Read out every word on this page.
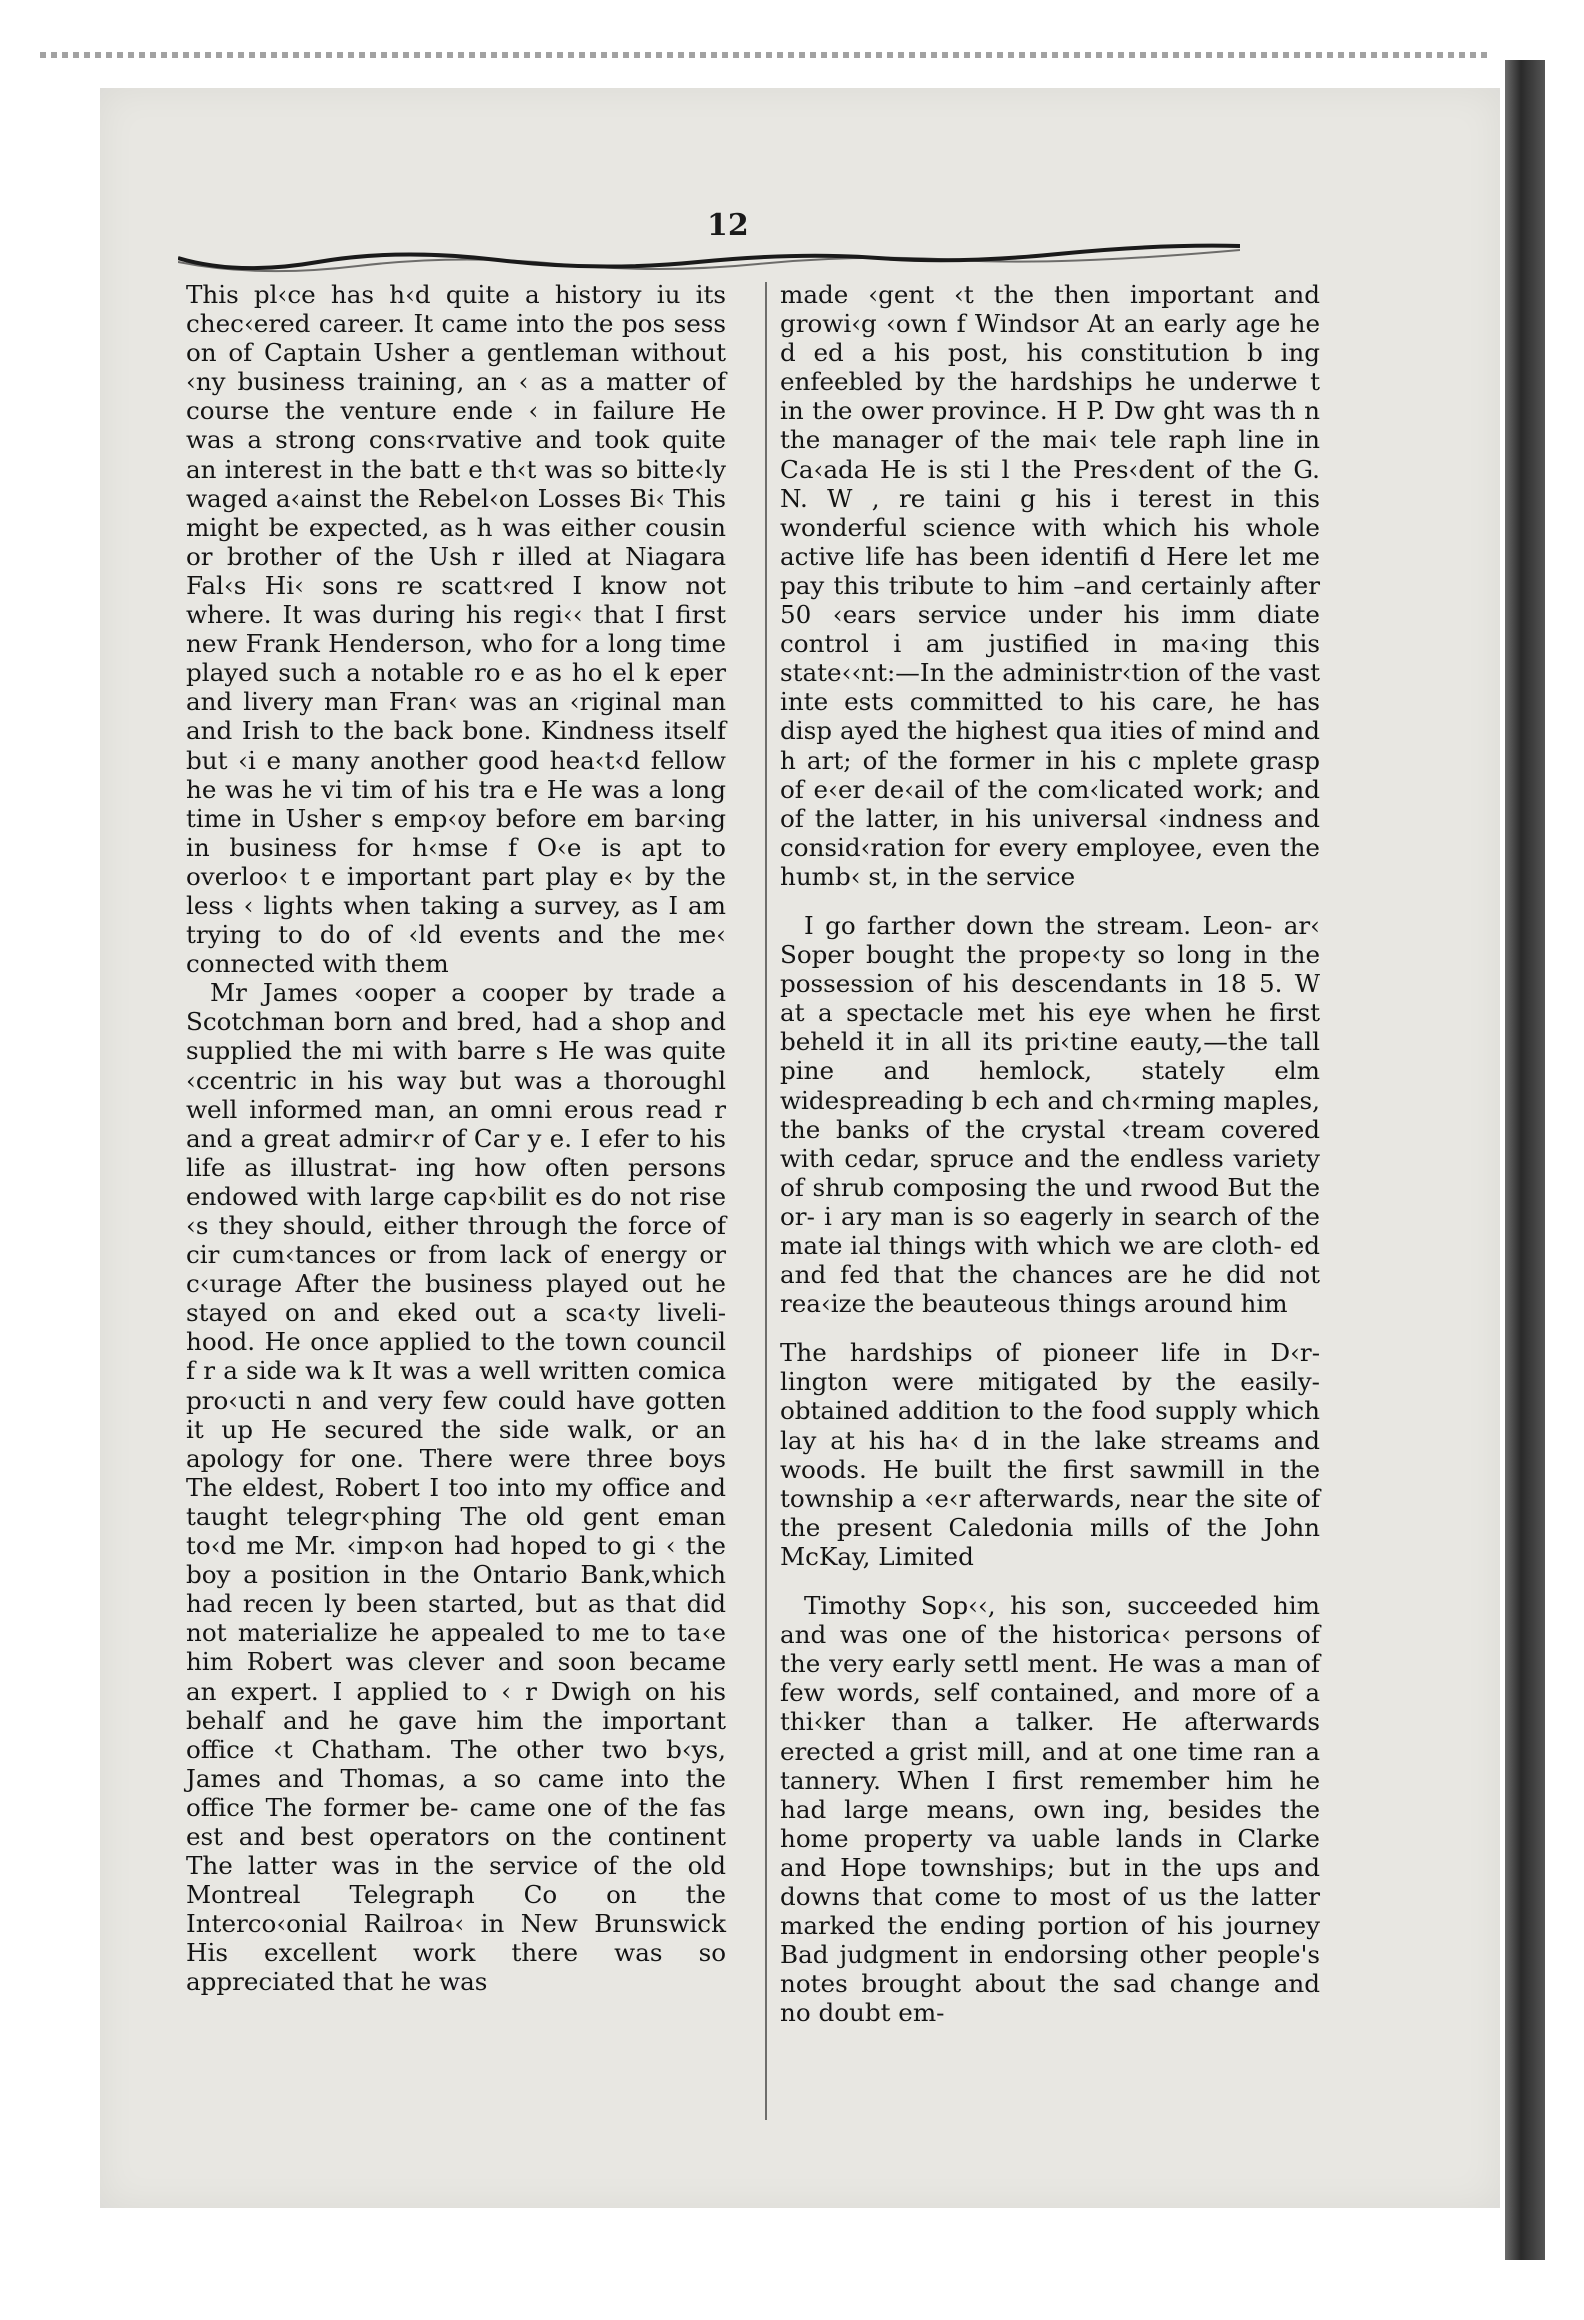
12

This pl‹ce has h‹d quite a history iu its chec‹ered career. It came into the pos sess on of Captain Usher a gentleman without ‹ny business training, an ‹ as a matter of course the venture ende ‹ in failure He was a strong cons‹rvative and took quite an interest in the batt e th‹t was so bitte‹ly waged a‹ainst the Rebel‹on Losses Bi‹ This might be expected, as h was either cousin or brother of the Ush r illed at Niagara Fal‹s Hi‹ sons re scatt‹red I know not where. It was during his regi‹‹ that I first new Frank Henderson, who for a long time played such a notable ro e as ho el k eper and livery man Fran‹ was an ‹riginal man and Irish to the back bone. Kindness itself but ‹i e many another good hea‹t‹d fellow he was he vi tim of his tra e He was a long time in Usher s emp‹oy before em bar‹ing in business for h‹mse f O‹e is apt to overloo‹ t e important part play e‹ by the less ‹ lights when taking a survey, as I am trying to do of ‹ld events and the me‹ connected with them

Mr James ‹ooper a cooper by trade a Scotchman born and bred, had a shop and supplied the mi with barre s He was quite ‹ccentric in his way but was a thoroughl well informed man, an omni erous read r and a great admir‹r of Car y e. I efer to his life as illustrat- ing how often persons endowed with large cap‹bilit es do not rise ‹s they should, either through the force of cir cum‹tances or from lack of energy or c‹urage After the business played out he stayed on and eked out a sca‹ty liveli- hood. He once applied to the town council f r a side wa k It was a well written comica pro‹ucti n and very few could have gotten it up He secured the side walk, or an apology for one. There were three boys The eldest, Robert I too into my office and taught telegr‹phing The old gent eman to‹d me Mr. ‹imp‹on had hoped to gi ‹ the boy a position in the Ontario Bank,which had recen ly been started, but as that did not materialize he appealed to me to ta‹e him Robert was clever and soon became an expert. I applied to ‹ r Dwigh on his behalf and he gave him the important office ‹t Chatham. The other two b‹ys, James and Thomas, a so came into the office The former be- came one of the fas est and best operators on the continent The latter was in the service of the old Montreal Telegraph Co on the Interco‹onial Railroa‹ in New Brunswick His excellent work there was so appreciated that he was

made ‹gent ‹t the then important and growi‹g ‹own f Windsor At an early age he d ed a his post, his constitution b ing enfeebled by the hardships he underwe t in the ower province. H P. Dw ght was th n the manager of the mai‹ tele raph line in Ca‹ada He is sti l the Pres‹dent of the G. N. W , re taini g his i terest in this wonderful science with which his whole active life has been identifi d Here let me pay this tribute to him –and certainly after 50 ‹ears service under his imm diate control i am justified in ma‹ing this state‹‹nt:—In the administr‹tion of the vast inte ests committed to his care, he has disp ayed the highest qua ities of mind and h art; of the former in his c mplete grasp of e‹er de‹ail of the com‹licated work; and of the latter, in his universal ‹indness and consid‹ration for every employee, even the humb‹ st, in the service

I go farther down the stream. Leon- ar‹ Soper bought the prope‹ty so long in the possession of his descendants in 18 5. W at a spectacle met his eye when he first beheld it in all its pri‹tine eauty,—the tall pine and hemlock, stately elm widespreading b ech and ch‹rming maples, the banks of the crystal ‹tream covered with cedar, spruce and the endless variety of shrub composing the und rwood But the or- i ary man is so eagerly in search of the mate ial things with which we are cloth- ed and fed that the chances are he did not rea‹ize the beauteous things around him

The hardships of pioneer life in D‹r- lington were mitigated by the easily- obtained addition to the food supply which lay at his ha‹ d in the lake streams and woods. He built the first sawmill in the township a ‹e‹r afterwards, near the site of the present Caledonia mills of the John McKay, Limited

Timothy Sop‹‹, his son, succeeded him and was one of the historica‹ persons of the very early settl ment. He was a man of few words, self contained, and more of a thi‹ker than a talker. He afterwards erected a grist mill, and at one time ran a tannery. When I first remember him he had large means, own ing, besides the home property va uable lands in Clarke and Hope townships; but in the ups and downs that come to most of us the latter marked the ending portion of his journey Bad judgment in endorsing other people's notes brought about the sad change and no doubt em-
